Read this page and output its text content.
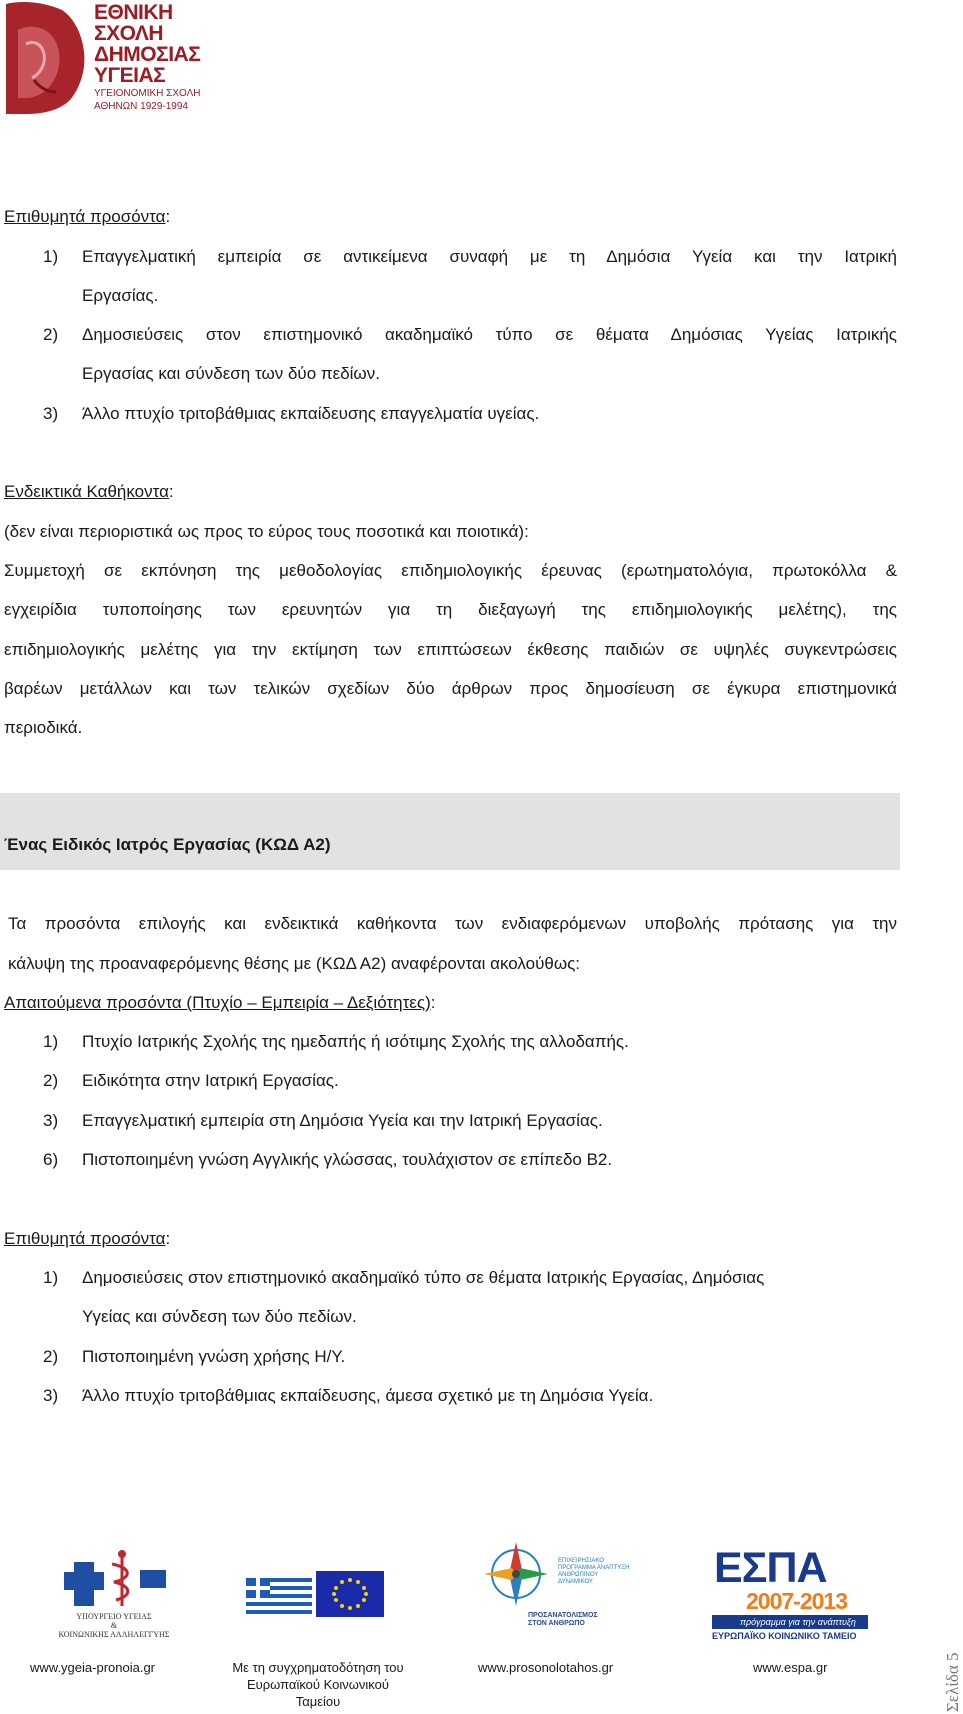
ΕΘΝΙΚΗ
ΣΧΟΛΗ
ΔΗΜΟΣΙΑΣ
ΥΓΕΙΑΣ
ΥΓΕΙΟΝΟΜΙΚΗ ΣΧΟΛΗ
ΑΘΗΝΩΝ 1929-1994
Επιθυμητά προσόντα:
1) Επαγγελματική εμπειρία σε αντικείμενα συναφή με τη Δημόσια Υγεία και την Ιατρική
Εργασίας.
2) Δημοσιεύσεις στον επιστημονικό ακαδημαϊκό τύπο σε θέματα Δημόσιας Υγείας Ιατρικής
Εργασίας και σύνδεση των δύο πεδίων.
3) Άλλο πτυχίο τριτοβάθμιας εκπαίδευσης επαγγελματία υγείας.
Ενδεικτικά Καθήκοντα:
(δεν είναι περιοριστικά ως προς το εύρος τους ποσοτικά και ποιοτικά):
Συμμετοχή σε εκπόνηση της μεθοδολογίας επιδημιολογικής έρευνας (ερωτηματολόγια, πρωτοκόλλα &
εγχειρίδια τυποποίησης των ερευνητών για τη διεξαγωγή της επιδημιολογικής μελέτης), της
επιδημιολογικής μελέτης για την εκτίμηση των επιπτώσεων έκθεσης παιδιών σε υψηλές συγκεντρώσεις
βαρέων μετάλλων και των τελικών σχεδίων δύο άρθρων προς δημοσίευση σε έγκυρα επιστημονικά
περιοδικά.
Ένας Ειδικός Ιατρός Εργασίας (ΚΩΔ Α2)
Τα προσόντα επιλογής και ενδεικτικά καθήκοντα των ενδιαφερόμενων υποβολής πρότασης για την
κάλυψη της προαναφερόμενης θέσης με (ΚΩΔ Α2) αναφέρονται ακολούθως:
Απαιτούμενα προσόντα (Πτυχίο – Εμπειρία – Δεξιότητες):
1) Πτυχίο Ιατρικής Σχολής της ημεδαπής ή ισότιμης Σχολής της αλλοδαπής.
2) Ειδικότητα στην Ιατρική Εργασίας.
3) Επαγγελματική εμπειρία στη Δημόσια Υγεία και την Ιατρική Εργασίας.
6) Πιστοποιημένη γνώση Αγγλικής γλώσσας, τουλάχιστον σε επίπεδο Β2.
Επιθυμητά προσόντα:
1) Δημοσιεύσεις στον επιστημονικό ακαδημαϊκό τύπο σε θέματα Ιατρικής Εργασίας, Δημόσιας
Υγείας και σύνδεση των δύο πεδίων.
2) Πιστοποιημένη γνώση χρήσης Η/Υ.
3) Άλλο πτυχίο τριτοβάθμιας εκπαίδευσης, άμεσα σχετικό με τη Δημόσια Υγεία.
ΥΠΟΥΡΓΕΙΟ ΥΓΕΙΑΣ
&
ΚΟΙΝΩΝΙΚΗΣ ΑΛΛΗΛΕΓΓΥΗΣ
ΕΠΙΧΕΙΡΗΣΙΑΚΟ ΠΡΟΓΡΑΜΜΑ ΑΝΑΠΤΥΞΗ ΑΝΘΡΩΠΙΝΟΥ ΔΥΝΑΜΙΚΟΥ
ΠΡΟΣΑΝΑΤΟΛΙΣΜΟΣ ΣΤΟΝ ΑΝΘΡΩΠΟ
ΕΣΠΑ
2007-2013
πρόγραμμα για την ανάπτυξη
ΕΥΡΩΠΑΪΚΟ ΚΟΙΝΩΝΙΚΟ ΤΑΜΕΙΟ
www.ygeia-pronoia.gr	Με τη συγχρηματοδότηση του
Ευρωπαϊκού Κοινωνικού
Ταμείου
www.prosonolotahos.gr	www.espa.gr	Σελίδα 5
